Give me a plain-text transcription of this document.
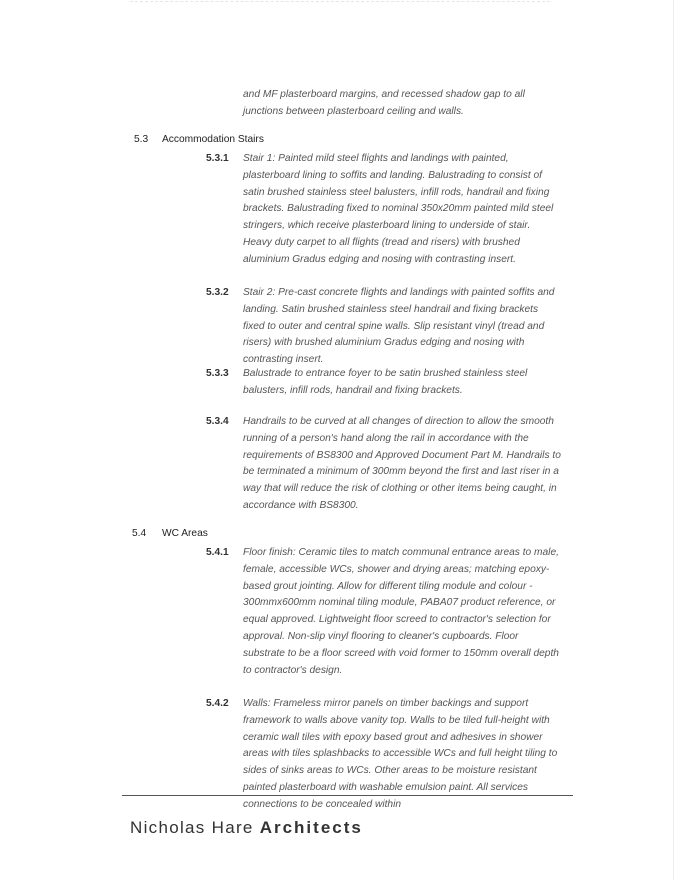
and MF plasterboard margins, and recessed shadow gap to all junctions between plasterboard ceiling and walls.

5.3 Accommodation Stairs
5.3.1 Stair 1: Painted mild steel flights and landings with painted, plasterboard lining to soffits and landing. Balustrading to consist of satin brushed stainless steel balusters, infill rods, handrail and fixing brackets. Balustrading fixed to nominal 350x20mm painted mild steel stringers, which receive plasterboard lining to underside of stair. Heavy duty carpet to all flights (tread and risers) with brushed aluminium Gradus edging and nosing with contrasting insert.

5.3.2 Stair 2: Pre-cast concrete flights and landings with painted soffits and landing. Satin brushed stainless steel handrail and fixing brackets fixed to outer and central spine walls. Slip resistant vinyl (tread and risers) with brushed aluminium Gradus edging and nosing with contrasting insert.

5.3.3 Balustrade to entrance foyer to be satin brushed stainless steel balusters, infill rods, handrail and fixing brackets.

5.3.4 Handrails to be curved at all changes of direction to allow the smooth running of a person's hand along the rail in accordance with the requirements of BS8300 and Approved Document Part M. Handrails to be terminated a minimum of 300mm beyond the first and last riser in a way that will reduce the risk of clothing or other items being caught, in accordance with BS8300.

5.4 WC Areas
5.4.1 Floor finish: Ceramic tiles to match communal entrance areas to male, female, accessible WCs, shower and drying areas; matching epoxy-based grout jointing. Allow for different tiling module and colour - 300mmx600mm nominal tiling module, PABA07 product reference, or equal approved. Lightweight floor screed to contractor's selection for approval. Non-slip vinyl flooring to cleaner's cupboards. Floor substrate to be a floor screed with void former to 150mm overall depth to contractor's design.

5.4.2 Walls: Frameless mirror panels on timber backings and support framework to walls above vanity top. Walls to be tiled full-height with ceramic wall tiles with epoxy based grout and adhesives in shower areas with tiles splashbacks to accessible WCs and full height tiling to sides of sinks areas to WCs. Other areas to be moisture resistant painted plasterboard with washable emulsion paint. All services connections to be concealed within

Nicholas Hare Architects
